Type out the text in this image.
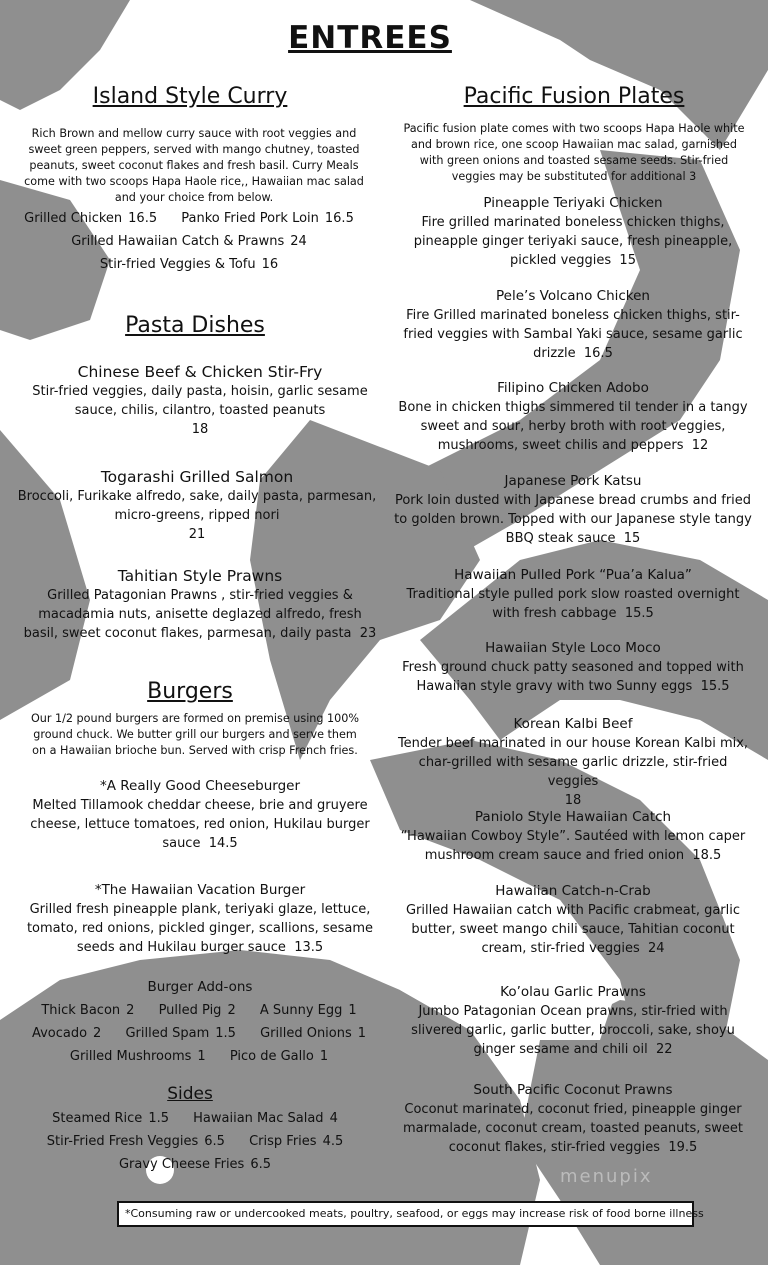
ENTREES
Island Style Curry
Rich Brown and mellow curry sauce with root veggies and sweet green peppers, served with mango chutney, toasted peanuts, sweet coconut flakes and fresh basil. Curry Meals come with two scoops Hapa Haole rice,, Hawaiian mac salad and your choice from below.
Grilled Chicken 16.5 Panko Fried Pork Loin 16.5
Grilled Hawaiian Catch & Prawns 24
Stir-fried Veggies & Tofu 16
Pasta Dishes
Chinese Beef & Chicken Stir-Fry
Stir-fried veggies, daily pasta, hoisin, garlic sesame sauce, chilis, cilantro, toasted peanuts
18
Togarashi Grilled Salmon
Broccoli, Furikake alfredo, sake, daily pasta, parmesan, micro-greens, ripped nori
21
Tahitian Style Prawns
Grilled Patagonian Prawns , stir-fried veggies & macadamia nuts, anisette deglazed alfredo, fresh basil, sweet coconut flakes, parmesan, daily pasta 23
Burgers
Our 1/2 pound burgers are formed on premise using 100% ground chuck. We butter grill our burgers and serve them on a Hawaiian brioche bun. Served with crisp French fries.
*A Really Good Cheeseburger
Melted Tillamook cheddar cheese, brie and gruyere cheese, lettuce tomatoes, red onion, Hukilau burger sauce 14.5
*The Hawaiian Vacation Burger
Grilled fresh pineapple plank, teriyaki glaze, lettuce, tomato, red onions, pickled ginger, scallions, sesame seeds and Hukilau burger sauce 13.5
Burger Add-ons
Thick Bacon 2 Pulled Pig 2 A Sunny Egg 1
Avocado 2 Grilled Spam 1.5 Grilled Onions 1
Grilled Mushrooms 1 Pico de Gallo 1
Sides
Steamed Rice 1.5 Hawaiian Mac Salad 4
Stir-Fried Fresh Veggies 6.5 Crisp Fries 4.5
Gravy Cheese Fries 6.5
Pacific Fusion Plates
Pacific fusion plate comes with two scoops Hapa Haole white and brown rice, one scoop Hawaiian mac salad, garnished with green onions and toasted sesame seeds. Stir-fried veggies may be substituted for additional 3
Pineapple Teriyaki Chicken
Fire grilled marinated boneless chicken thighs, pineapple ginger teriyaki sauce, fresh pineapple, pickled veggies 15
Pele’s Volcano Chicken
Fire Grilled marinated boneless chicken thighs, stir-fried veggies with Sambal Yaki sauce, sesame garlic drizzle 16.5
Filipino Chicken Adobo
Bone in chicken thighs simmered til tender in a tangy sweet and sour, herby broth with root veggies, mushrooms, sweet chilis and peppers 12
Japanese Pork Katsu
Pork loin dusted with Japanese bread crumbs and fried to golden brown. Topped with our Japanese style tangy BBQ steak sauce 15
Hawaiian Pulled Pork “Pua’a Kalua”
Traditional style pulled pork slow roasted overnight with fresh cabbage 15.5
Hawaiian Style Loco Moco
Fresh ground chuck patty seasoned and topped with Hawaiian style gravy with two Sunny eggs 15.5
Korean Kalbi Beef
Tender beef marinated in our house Korean Kalbi mix, char-grilled with sesame garlic drizzle, stir-fried veggies
18
Paniolo Style Hawaiian Catch
“Hawaiian Cowboy Style”. Sautéed with lemon caper mushroom cream sauce and fried onion 18.5
Hawaiian Catch-n-Crab
Grilled Hawaiian catch with Pacific crabmeat, garlic butter, sweet mango chili sauce, Tahitian coconut cream, stir-fried veggies 24
Ko’olau Garlic Prawns
Jumbo Patagonian Ocean prawns, stir-fried with slivered garlic, garlic butter, broccoli, sake, shoyu ginger sesame and chili oil 22
South Pacific Coconut Prawns
Coconut marinated, coconut fried, pineapple ginger marmalade, coconut cream, toasted peanuts, sweet coconut flakes, stir-fried veggies 19.5
menupix
*Consuming raw or undercooked meats, poultry, seafood, or eggs may increase risk of food borne illness
